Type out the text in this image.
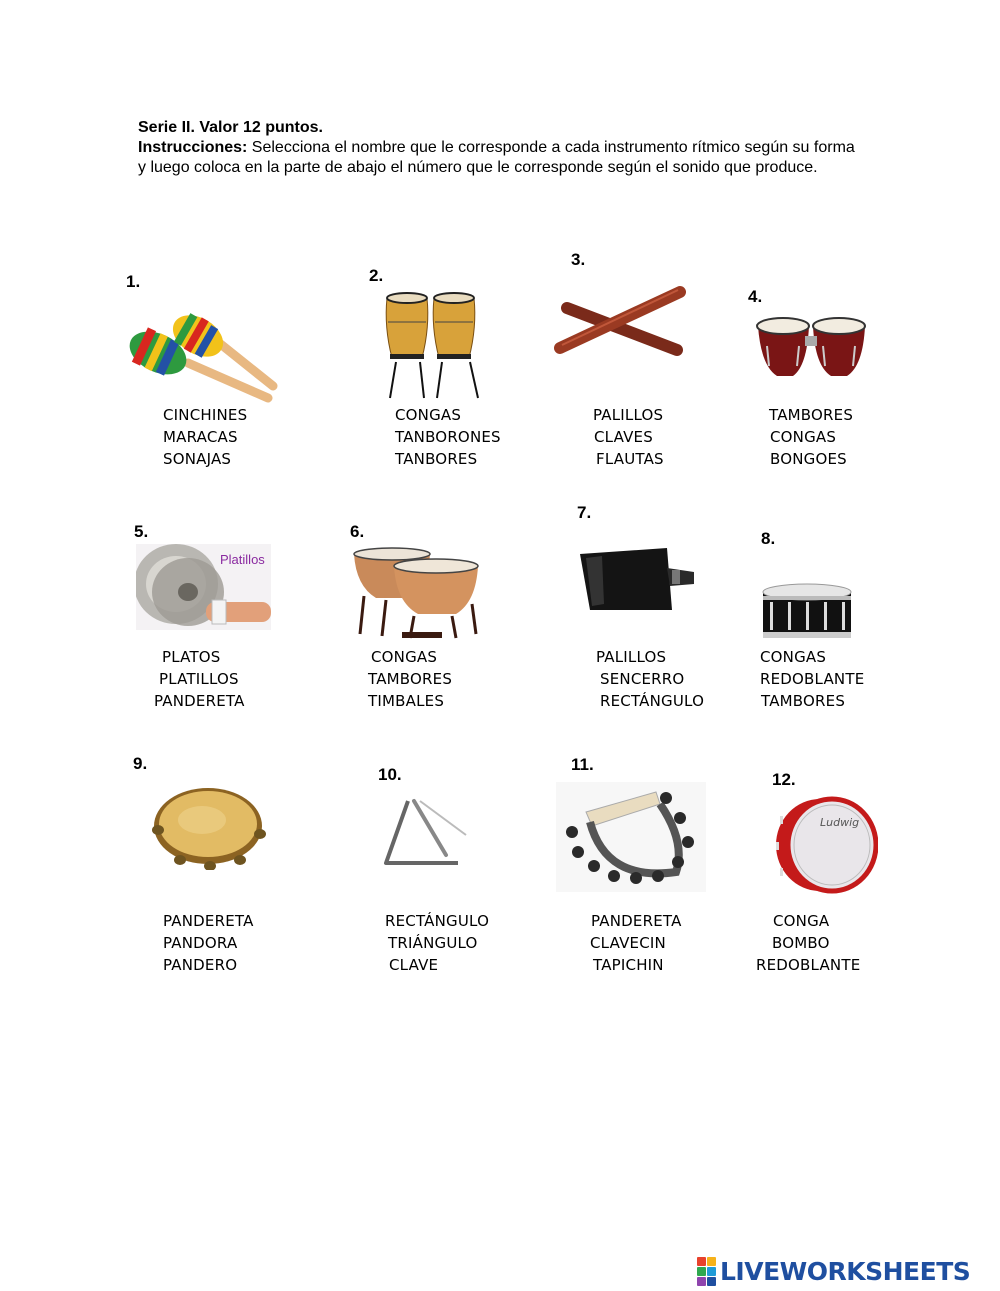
Serie II. Valor 12 puntos.
Instrucciones: Selecciona el nombre que le corresponde a cada instrumento rítmico según su forma y luego coloca en la parte de abajo el número que le corresponde según el sonido que produce.
1.	2.
3.
4.
5.	6.
7.
8.
9.
10.
11.
12.
Platillos
Ludwig
CINCHINES
MARACAS
SONAJAS
CONGAS
TANBORONES
TANBORES
PALILLOS
CLAVES
FLAUTAS
TAMBORES
CONGAS
BONGOES
PLATOS
PLATILLOS
PANDERETA
CONGAS
TAMBORES
TIMBALES
PALILLOS
SENCERRO
RECTÁNGULO
CONGAS
REDOBLANTE
TAMBORES
PANDERETA
PANDORA
PANDERO
RECTÁNGULO
TRIÁNGULO
CLAVE
PANDERETA
CLAVECIN
TAPICHIN
CONGA
BOMBO
REDOBLANTE
LIVEWORKSHEETS
